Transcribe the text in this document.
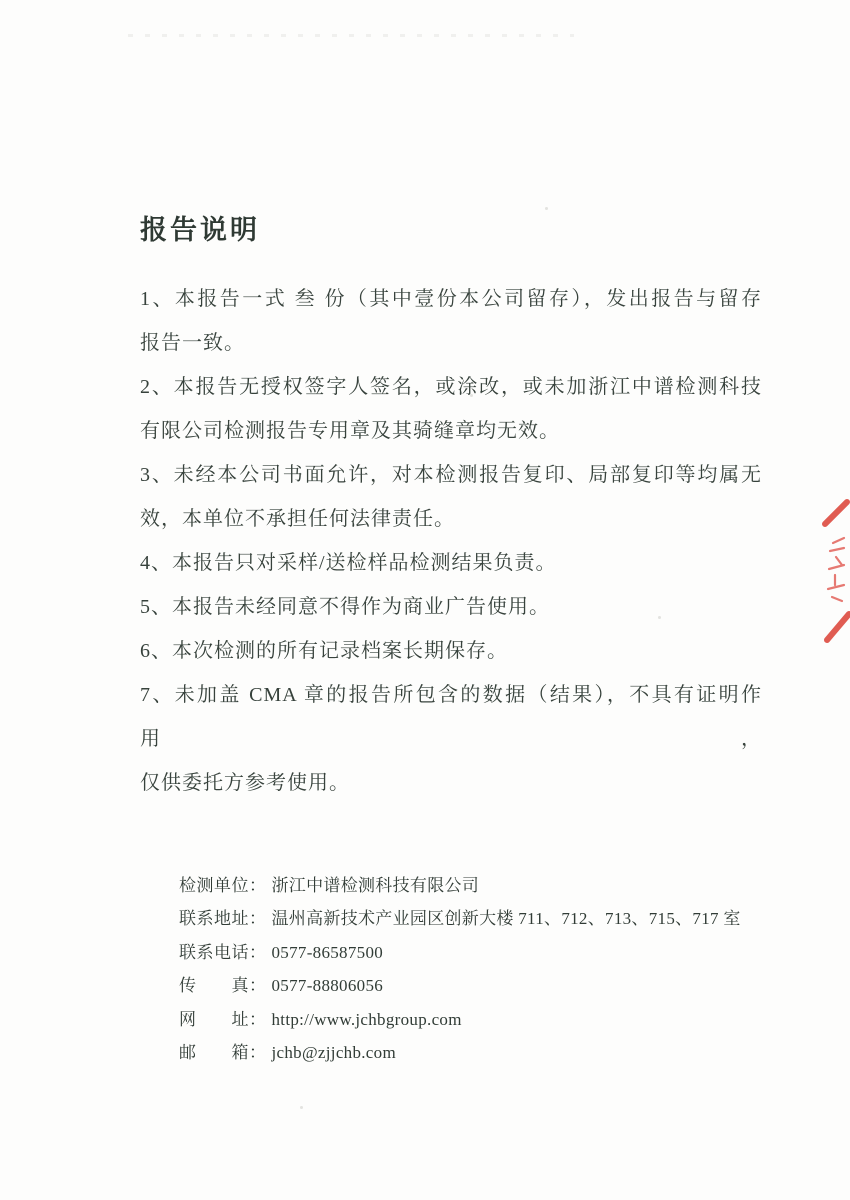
报告说明

1、本报告一式 叁 份（其中壹份本公司留存），发出报告与留存

报告一致。

2、本报告无授权签字人签名，或涂改，或未加浙江中谱检测科技

有限公司检测报告专用章及其骑缝章均无效。

3、未经本公司书面允许，对本检测报告复印、局部复印等均属无

效，本单位不承担任何法律责任。

4、本报告只对采样/送检样品检测结果负责。

5、本报告未经同意不得作为商业广告使用。

6、本次检测的所有记录档案长期保存。

7、未加盖 CMA 章的报告所包含的数据（结果），不具有证明作用，

仅供委托方参考使用。

检测单位： 浙江中谱检测科技有限公司
联系地址： 温州高新技术产业园区创新大楼 711、712、713、715、717 室
联系电话： 0577-86587500
传　　真： 0577-88806056
网　　址： http://www.jchbgroup.com
邮　　箱： jchb@zjjchb.com
